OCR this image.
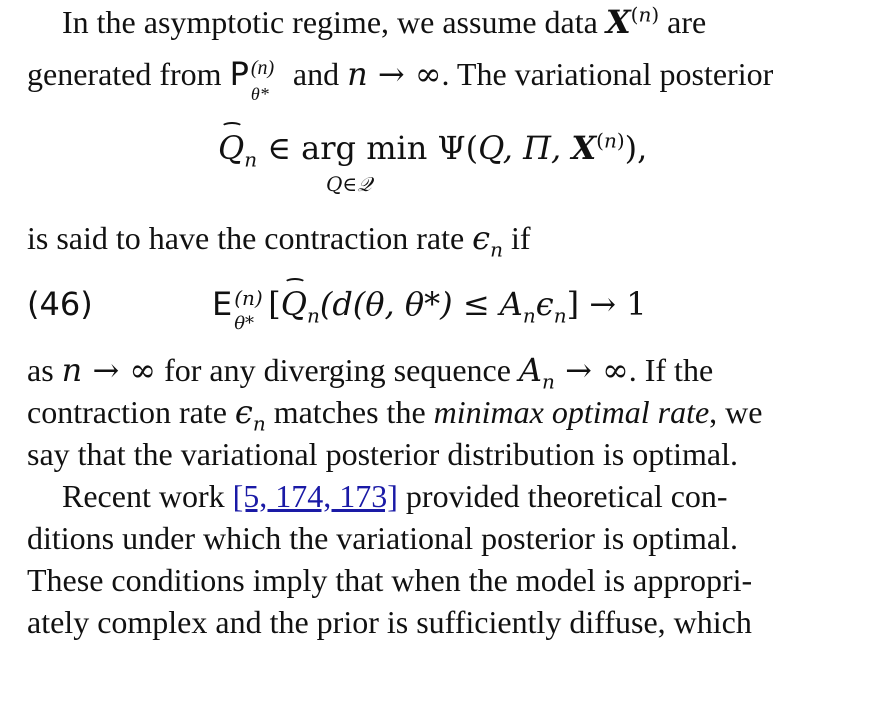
In the asymptotic regime, we assume data $X^{(n)}$ are
generated from P (n)
θ*
and n → ∞. The variational posterior
$Q_n$ ∈ arg min Ψ(Q, Π, $X^{(n)}$),
Q∈𝒬
is said to have the contraction rate $\epsilon_n$ if
(46)	E (n)
θ*
[$Q_n(d(\theta$, $\theta*) \le A_n\epsilon_n] \to 1$
as n → ∞ for any diverging sequence $A_n$ → ∞. If the
contraction rate $\epsilon_n$ matches the minimax optimal rate, we
say that the variational posterior distribution is optimal.
Recent work [5, 174, 173] provided theoretical con-
ditions under which the variational posterior is optimal.
These conditions imply that when the model is appropri-
ately complex and the prior is sufficiently diffuse, which
